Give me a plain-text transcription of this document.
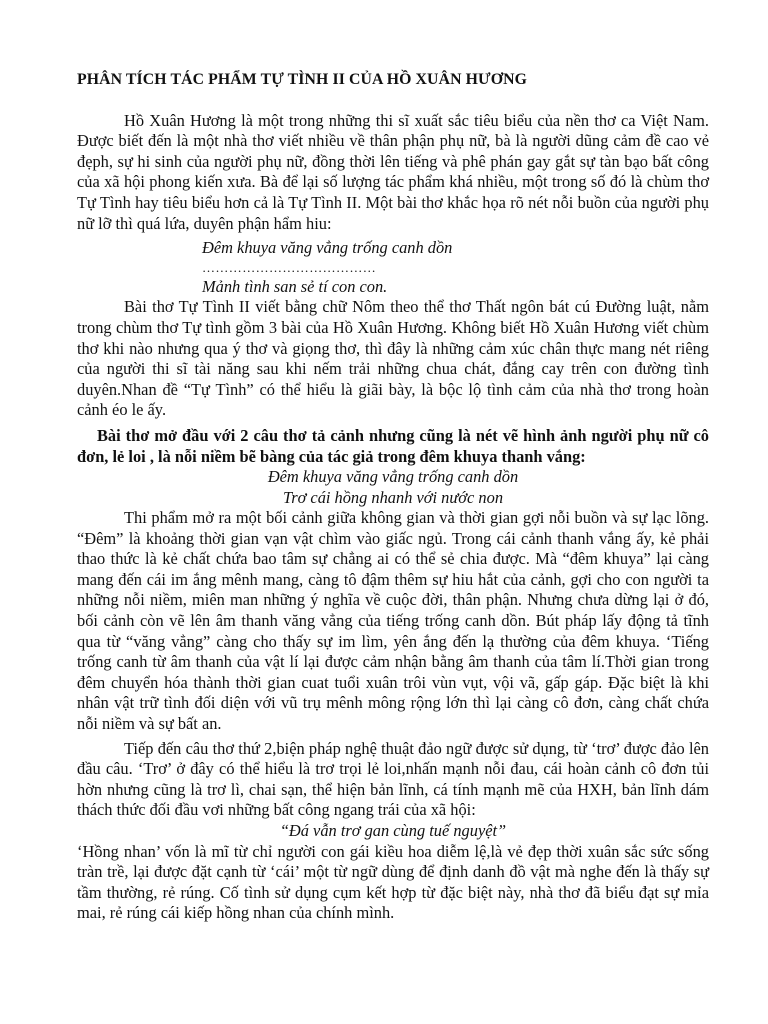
PHÂN TÍCH TÁC PHẨM TỰ TÌNH II CỦA HỒ XUÂN HƯƠNG

Hồ Xuân Hương là một trong những thi sĩ xuất sắc tiêu biểu của nền thơ ca Việt Nam. Được biết đến là một nhà thơ viết nhiều về thân phận phụ nữ, bà là người dũng cảm đề cao vẻ đẹph, sự hi sinh của người phụ nữ, đồng thời lên tiếng và phê phán gay gắt sự tàn bạo bất công của xã hội phong kiến xưa. Bà để lại số lượng tác phẩm khá nhiều, một trong số đó là chùm thơ Tự Tình hay tiêu biểu hơn cả là Tự Tình II. Một bài thơ khắc họa rõ nét nỗi buồn của người phụ nữ lỡ thì quá lứa, duyên phận hẩm hiu:

Đêm khuya văng vẳng trống canh dồn

…………………………………

Mảnh tình san sẻ tí con con.

Bài thơ Tự Tình II viết bằng chữ Nôm theo thể thơ Thất ngôn bát cú Đường luật, nằm trong chùm thơ Tự tình gồm 3 bài của Hồ Xuân Hương. Không biết Hồ Xuân Hương viết chùm thơ khi nào nhưng qua ý thơ và giọng thơ, thì đây là những cảm xúc chân thực mang nét riêng của người thi sĩ tài năng sau khi nếm trải những chua chát, đắng cay trên con đường tình duyên.Nhan đề “Tự Tình” có thể hiểu là giãi bày, là bộc lộ tình cảm của nhà thơ trong hoàn cảnh éo le ấy.

Bài thơ mở đầu với 2 câu thơ tả cảnh nhưng cũng là nét vẽ hình ảnh người phụ nữ cô đơn, lẻ loi , là nỗi niềm bẽ bàng của tác giả trong đêm khuya thanh vắng:

Đêm khuya văng vẳng trống canh dồn

Trơ cái hồng nhanh với nước non

Thi phẩm mở ra một bối cảnh giữa không gian và thời gian gợi nỗi buồn và sự lạc lõng. “Đêm” là khoảng thời gian vạn vật chìm vào giấc ngủ. Trong cái cảnh thanh vắng ấy, kẻ phải thao thức là kẻ chất chứa bao tâm sự chẳng ai có thể sẻ chia được. Mà “đêm khuya” lại càng mang đến cái im ắng mênh mang, càng tô đậm thêm sự hiu hắt của cảnh, gợi cho con người ta những nỗi niềm, miên man những ý nghĩa về cuộc đời, thân phận. Nhưng chưa dừng lại ở đó, bối cảnh còn vẽ lên âm thanh văng vẳng của tiếng trống canh dồn. Bút pháp lấy động tả tĩnh qua từ “văng vẳng” càng cho thấy sự im lìm, yên ắng đến lạ thường của đêm khuya. ‘Tiếng trống canh từ âm thanh của vật lí lại được cảm nhận bằng âm thanh của tâm lí.Thời gian trong đêm chuyển hóa thành thời gian cuat tuổi xuân trôi vùn vụt, vội vã, gấp gáp. Đặc biệt là khi nhân vật trữ tình đối diện với vũ trụ mênh mông rộng lớn thì lại càng cô đơn, càng chất chứa nỗi niềm và sự bất an.

Tiếp đến câu thơ thứ 2,biện pháp nghệ thuật đảo ngữ được sử dụng, từ ‘trơ’ được đảo lên đầu câu. ‘Trơ’ ở đây có thể hiểu là trơ trọi lẻ loi,nhấn mạnh nỗi đau, cái hoàn cảnh cô đơn tủi hờn nhưng cũng là trơ lì, chai sạn, thể hiện bản lĩnh, cá tính mạnh mẽ của HXH, bản lĩnh dám thách thức đối đầu vơi những bất công ngang trái của xã hội:

“Đá vẫn trơ gan cùng tuế nguyệt”

‘Hồng nhan’ vốn là mĩ từ chỉ người con gái kiều hoa diễm lệ,là vẻ đẹp thời xuân sắc sức sống tràn trề, lại được đặt cạnh từ ‘cái’ một từ ngữ dùng để định danh đồ vật mà nghe đến là thấy sự tầm thường, rẻ rúng. Cố tình sử dụng cụm kết hợp từ đặc biệt này, nhà thơ đã biểu đạt sự mỉa mai, rẻ rúng cái kiếp hồng nhan của chính mình.
